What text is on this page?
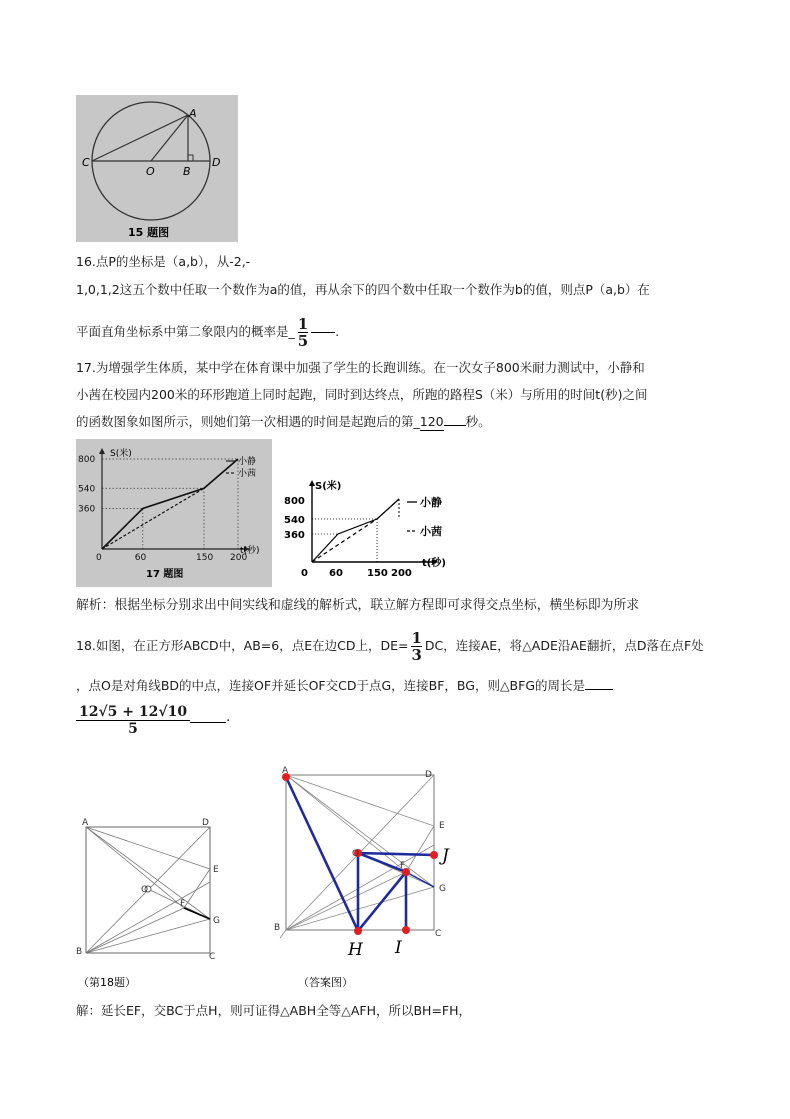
A
C
O	B
D
15 题图
16.点P的坐标是（a,b），从-2,-
1,0,1,2这五个数中任取一个数作为a的值，再从余下的四个数中任取一个数作为b的值，则点P（a,b）在
平面直角坐标系中第二象限内的概率是_ $\frac{1}{5}$ .
17.为增强学生体质，某中学在体育课中加强了学生的长跑训练。在一次女子800米耐力测试中，小静和
小茜在校园内200米的环形跑道上同时起跑，同时到达终点，所跑的路程S（米）与所用的时间t(秒)之间
的函数图象如图所示，则她们第一次相遇的时间是起跑后的第_120 秒。
800
540
360
0	60	150 200
S(米)
t(秒)
小静
小茜
17 题图
S(米)
t(秒)
800
540
360
0 60 150 200
小静
小茜
解析：根据坐标分别求出中间实线和虚线的解析式，联立解方程即可求得交点坐标，横坐标即为所求
18.如图，在正方形ABCD中，AB=6，点E在边CD上，$DE= \frac{1}{3}$ DC，连接AE，将△ADE沿AE翻折，点D落在点F处
，点O是对角线BD的中点，连接OF并延长OF交CD于点G，连接BF，BG，则△BFG的周长是
$\frac{12√5 + 12√10}{5}$	.
A	D
E
O
F
G
B	C
（第18题）
A	D
E
F
G
O
B
C
J
H I
（答案图）
解：延长EF，交BC于点H，则可证得△ABH全等△AFH，所以BH=FH，
